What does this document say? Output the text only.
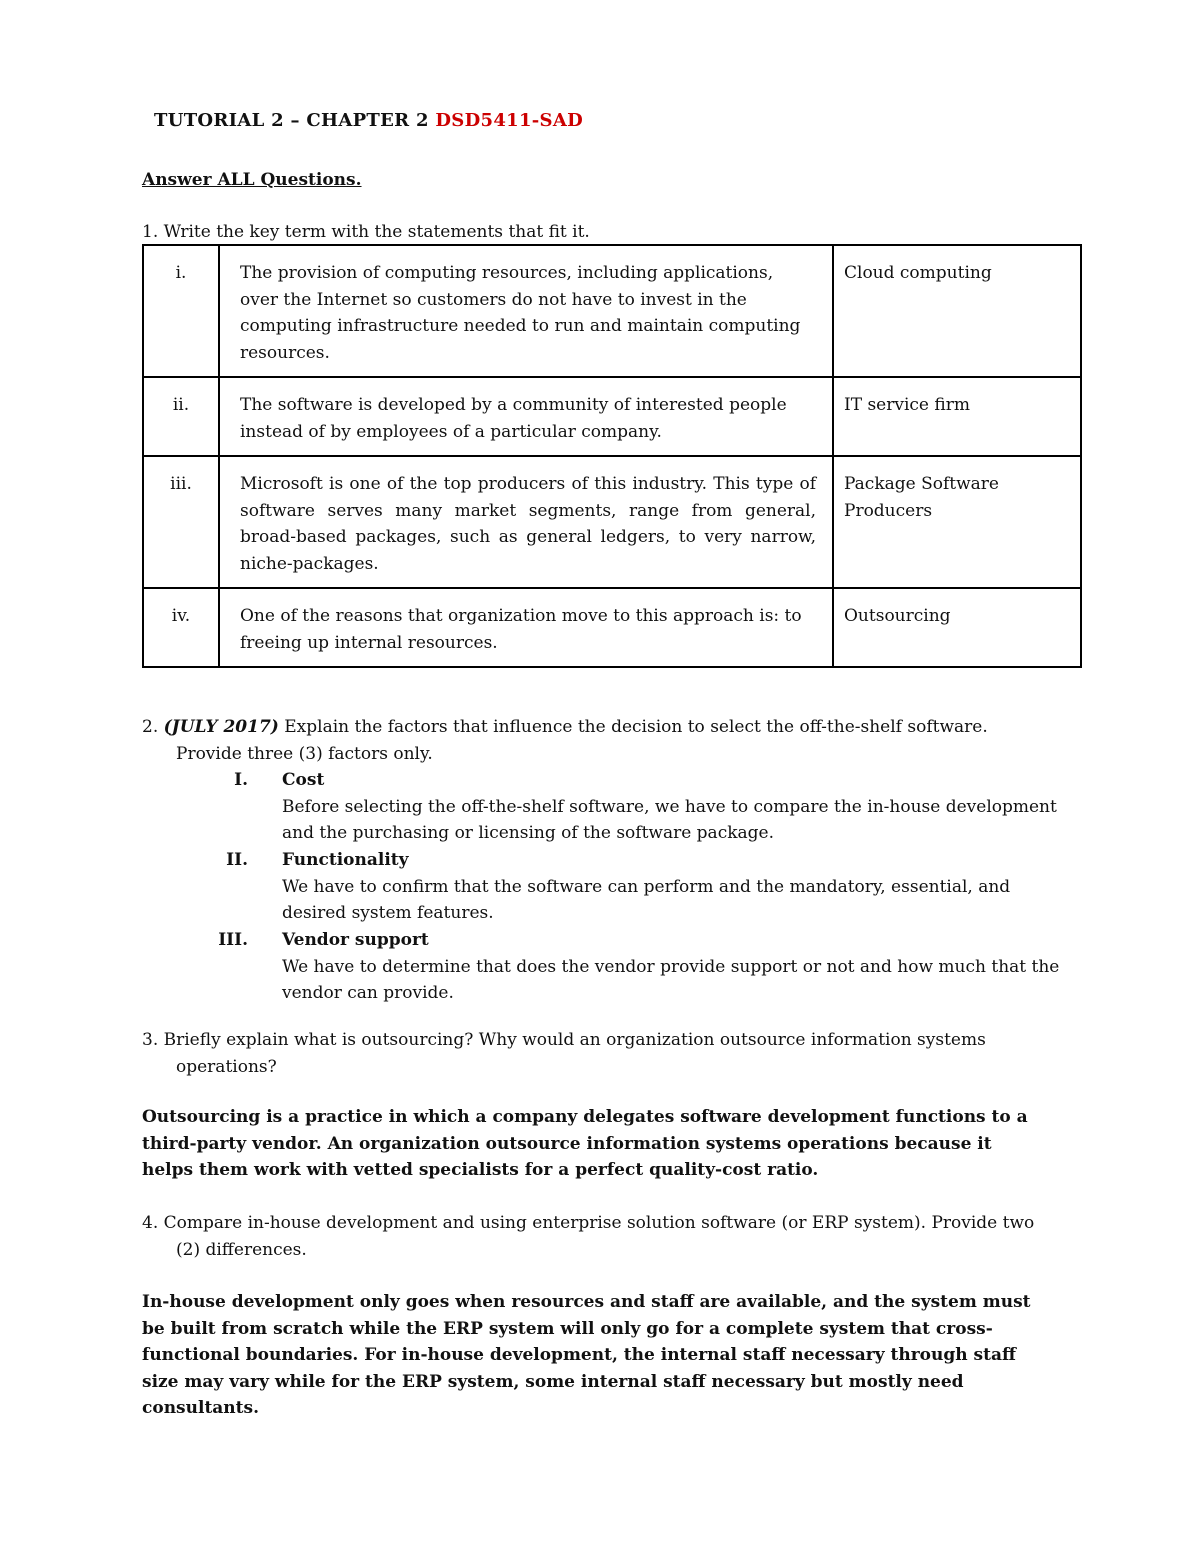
TUTORIAL 2 – CHAPTER 2 DSD5411-SAD
Answer ALL Questions.
1. Write the key term with the statements that fit it.
i.	The provision of computing resources, including applications, over the Internet so customers do not have to invest in the computing infrastructure needed to run and maintain computing resources.	Cloud computing
ii.	The software is developed by a community of interested people instead of by employees of a particular company.	IT service firm
iii.	Microsoft is one of the top producers of this industry. This type of software serves many market segments, range from general, broad-based packages, such as general ledgers, to very narrow, niche-packages.	Package Software Producers
iv.	One of the reasons that organization move to this approach is: to freeing up internal resources.	Outsourcing
2. (JULY 2017) Explain the factors that influence the decision to select the off-the-shelf software.
Provide three (3) factors only.
I. Cost
Before selecting the off-the-shelf software, we have to compare the in-house development and the purchasing or licensing of the software package.
II. Functionality
We have to confirm that the software can perform and the mandatory, essential, and desired system features.
III. Vendor support
We have to determine that does the vendor provide support or not and how much that the vendor can provide.
3. Briefly explain what is outsourcing? Why would an organization outsource information systems
operations?
Outsourcing is a practice in which a company delegates software development functions to a third-party vendor. An organization outsource information systems operations because it helps them work with vetted specialists for a perfect quality-cost ratio.
4. Compare in-house development and using enterprise solution software (or ERP system). Provide two
(2) differences.
In-house development only goes when resources and staff are available, and the system must be built from scratch while the ERP system will only go for a complete system that cross-functional boundaries. For in-house development, the internal staff necessary through staff size may vary while for the ERP system, some internal staff necessary but mostly need consultants.
